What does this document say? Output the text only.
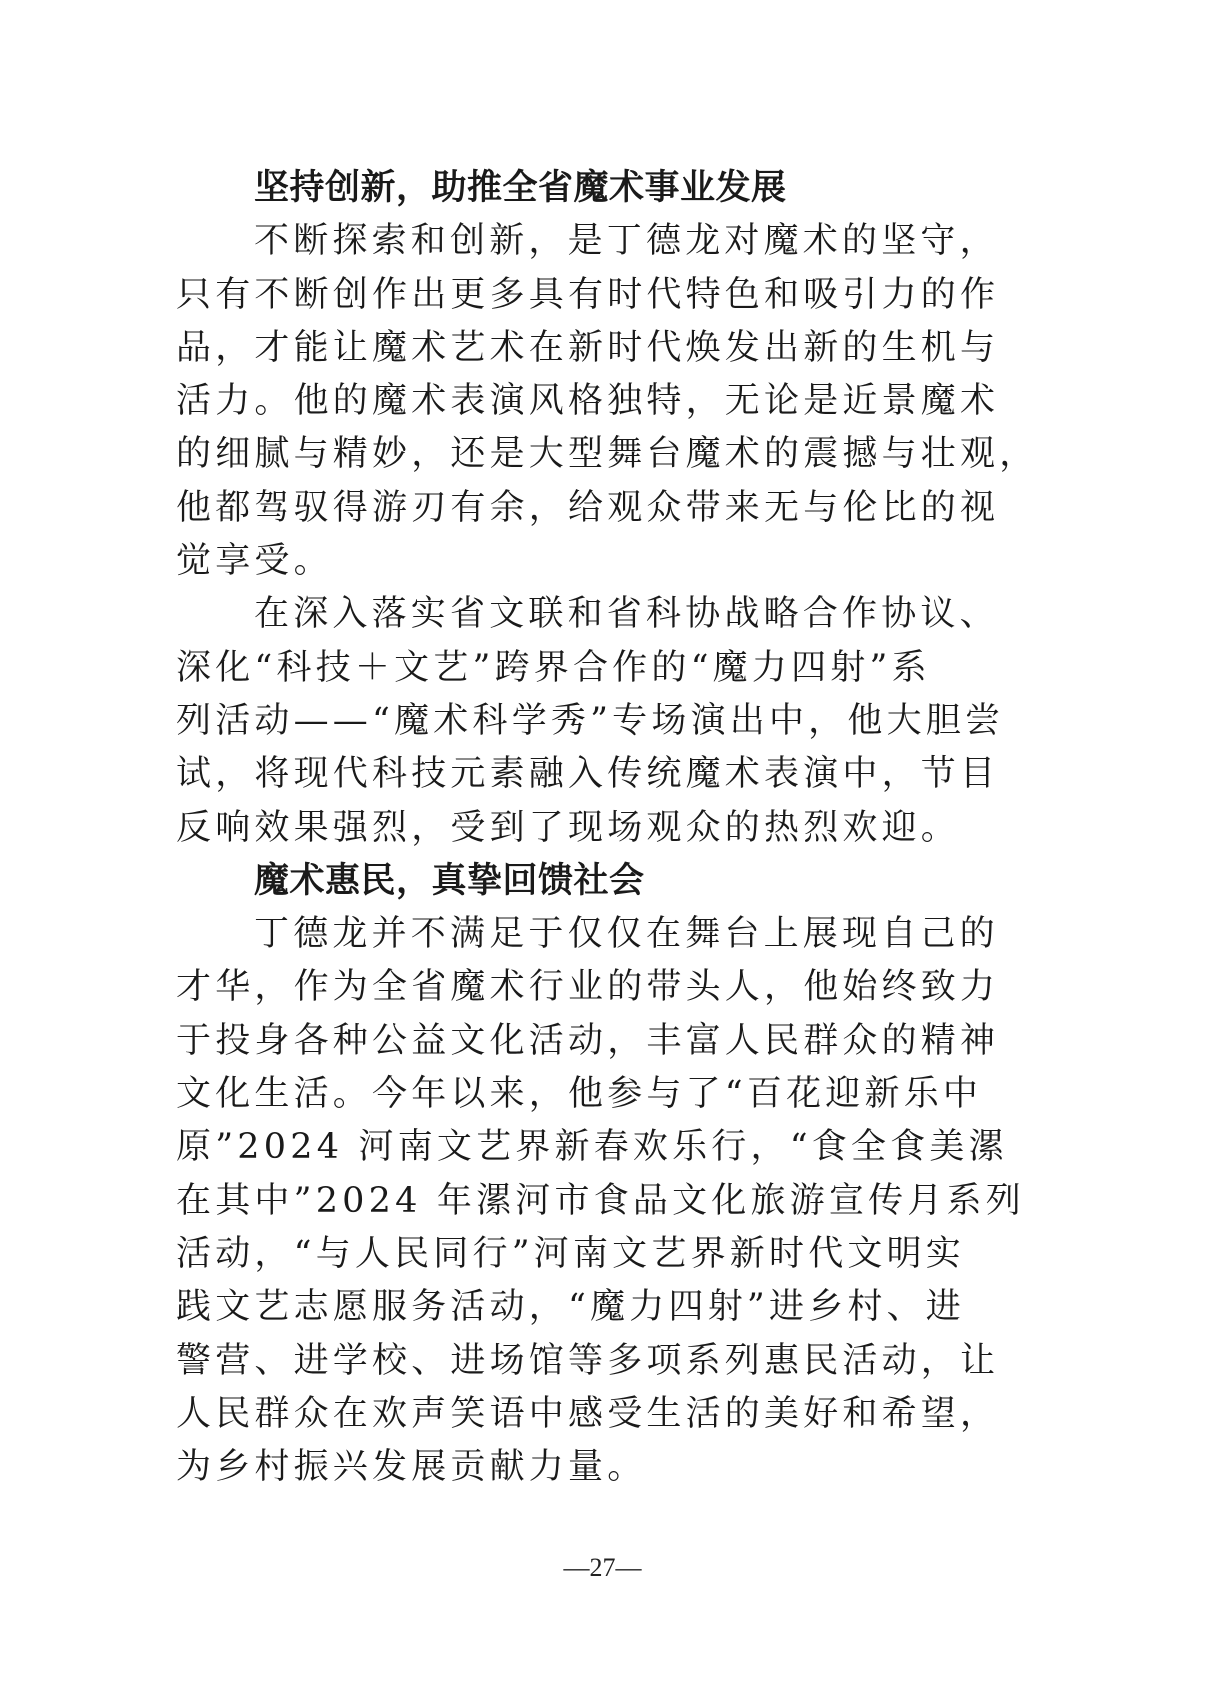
坚持创新，助推全省魔术事业发展
不断探索和创新，是丁德龙对魔术的坚守，
只有不断创作出更多具有时代特色和吸引力的作
品，才能让魔术艺术在新时代焕发出新的生机与
活力。他的魔术表演风格独特，无论是近景魔术
的细腻与精妙，还是大型舞台魔术的震撼与壮观，
他都驾驭得游刃有余，给观众带来无与伦比的视
觉享受。
在深入落实省文联和省科协战略合作协议、
深化“科技＋文艺”跨界合作的“魔力四射”系
列活动——“魔术科学秀”专场演出中，他大胆尝
试，将现代科技元素融入传统魔术表演中，节目
反响效果强烈，受到了现场观众的热烈欢迎。
魔术惠民，真挚回馈社会
丁德龙并不满足于仅仅在舞台上展现自己的
才华，作为全省魔术行业的带头人，他始终致力
于投身各种公益文化活动，丰富人民群众的精神
文化生活。今年以来，他参与了“百花迎新乐中
原”2024 河南文艺界新春欢乐行，“食全食美漯
在其中”2024 年漯河市食品文化旅游宣传月系列
活动，“与人民同行”河南文艺界新时代文明实
践文艺志愿服务活动，“魔力四射”进乡村、进
警营、进学校、进场馆等多项系列惠民活动，让
人民群众在欢声笑语中感受生活的美好和希望，
为乡村振兴发展贡献力量。
—27—
